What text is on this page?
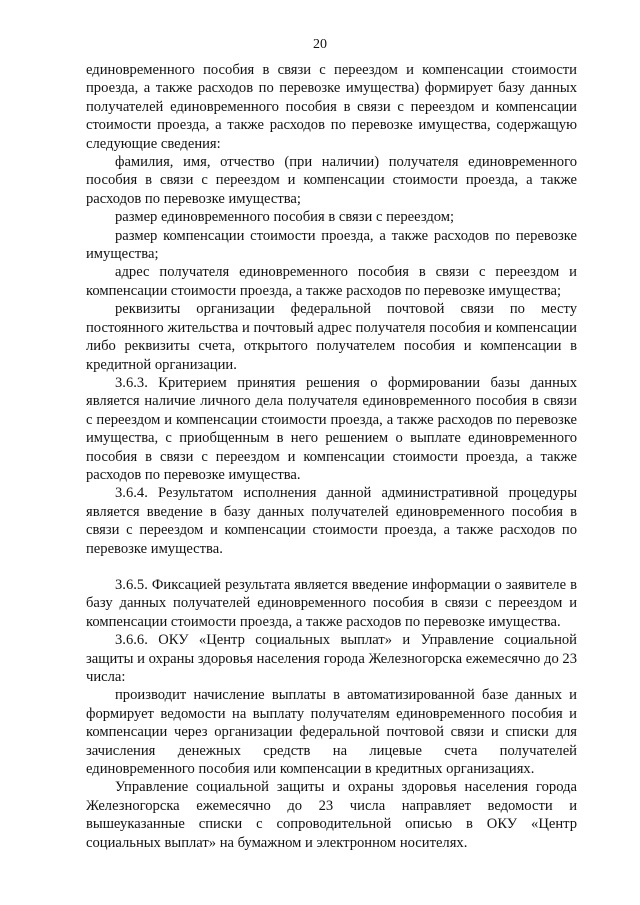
20

единовременного пособия в связи с переездом и компенсации стоимости проезда, а также расходов по перевозке имущества) формирует базу данных получателей единовременного пособия в связи с переездом и компенсации стоимости проезда, а также расходов по перевозке имущества, содержащую следующие сведения:

фамилия, имя, отчество (при наличии) получателя единовременного пособия в связи с переездом и компенсации стоимости проезда, а также расходов по перевозке имущества;

размер единовременного пособия в связи с переездом;

размер компенсации стоимости проезда, а также расходов по перевозке имущества;

адрес получателя единовременного пособия в связи с переездом и компенсации стоимости проезда, а также расходов по перевозке имущества;

реквизиты организации федеральной почтовой связи по месту постоянного жительства и почтовый адрес получателя пособия и компенсации либо реквизиты счета, открытого получателем пособия и компенсации в кредитной организации.

3.6.3. Критерием принятия решения о формировании базы данных является наличие личного дела получателя единовременного пособия в связи с переездом и компенсации стоимости проезда, а также расходов по перевозке имущества, с приобщенным в него решением о выплате единовременного пособия в связи с переездом и компенсации стоимости проезда, а также расходов по перевозке имущества.

3.6.4. Результатом исполнения данной административной процедуры является введение в базу данных получателей единовременного пособия в связи с переездом и компенсации стоимости проезда, а также расходов по перевозке имущества.

3.6.5. Фиксацией результата является введение информации о заявителе в базу данных получателей единовременного пособия в связи с переездом и компенсации стоимости проезда, а также расходов по перевозке имущества.

3.6.6. ОКУ «Центр социальных выплат» и Управление социальной защиты и охраны здоровья населения города Железногорска ежемесячно до 23 числа:

производит начисление выплаты в автоматизированной базе данных и формирует ведомости на выплату получателям единовременного пособия и компенсации через организации федеральной почтовой связи и списки для зачисления денежных средств на лицевые счета получателей единовременного пособия или компенсации в кредитных организациях.

Управление социальной защиты и охраны здоровья населения города Железногорска ежемесячно до 23 числа направляет ведомости и вышеуказанные списки с сопроводительной описью в ОКУ «Центр социальных выплат» на бумажном и электронном носителях.
